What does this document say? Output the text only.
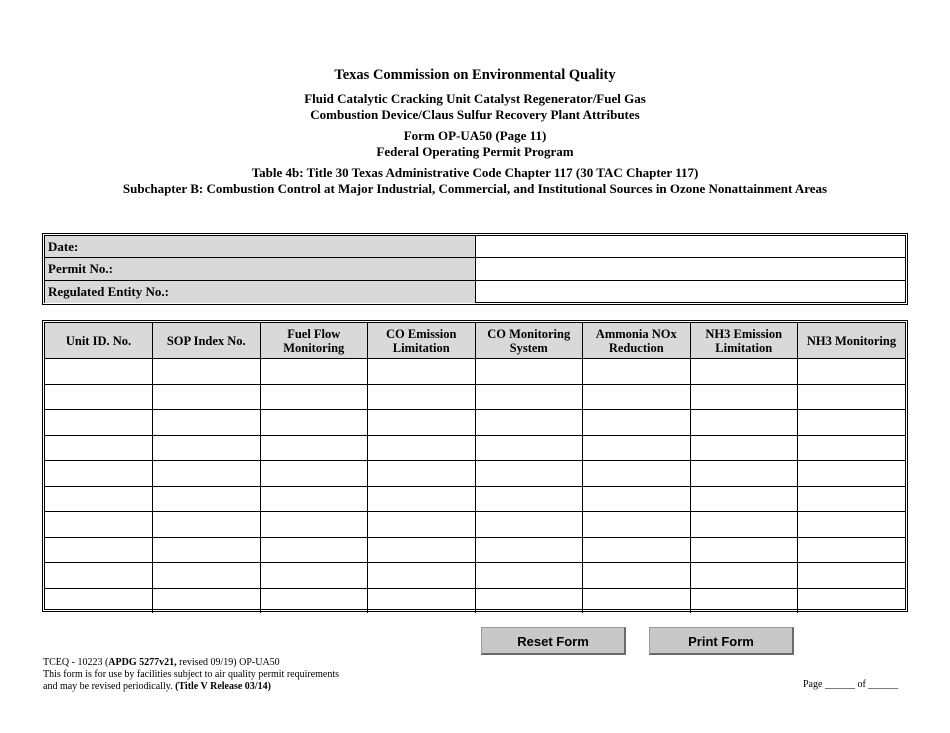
Texas Commission on Environmental Quality
Fluid Catalytic Cracking Unit Catalyst Regenerator/Fuel Gas
Combustion Device/Claus Sulfur Recovery Plant Attributes
Form OP-UA50 (Page 11)
Federal Operating Permit Program
Table 4b: Title 30 Texas Administrative Code Chapter 117 (30 TAC Chapter 117)
Subchapter B: Combustion Control at Major Industrial, Commercial, and Institutional Sources in Ozone Nonattainment Areas
Date:
Permit No.:
Regulated Entity No.:
Unit ID. No.	SOP Index No.	Fuel Flow Monitoring	CO Emission Limitation	CO Monitoring System	Ammonia NOx Reduction	NH3 Emission Limitation	NH3 Monitoring

Reset Form	Print Form
TCEQ - 10223 (APDG 5277v21, revised 09/19) OP-UA50
This form is for use by facilities subject to air quality permit requirements
and may be revised periodically. (Title V Release 03/14)	Page ______ of ______
